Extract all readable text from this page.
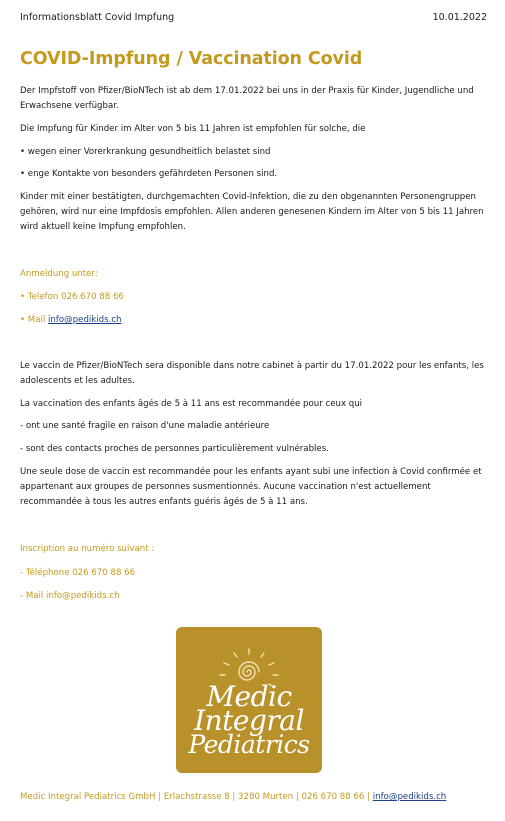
Informationsblatt Covid Impfung	10.01.2022
COVID-Impfung / Vaccination Covid

Der Impfstoff von Pfizer/BioNTech ist ab dem 17.01.2022 bei uns in der Praxis für Kinder, Jugendliche und Erwachsene verfügbar.

Die Impfung für Kinder im Alter von 5 bis 11 Jahren ist empfohlen für solche, die

• wegen einer Vorerkrankung gesundheitlich belastet sind

• enge Kontakte von besonders gefährdeten Personen sind.

Kinder mit einer bestätigten, durchgemachten Covid-Infektion, die zu den obgenannten Personengruppen gehören, wird nur eine Impfdosis empfohlen. Allen anderen genesenen Kindern im Alter von 5 bis 11 Jahren wird aktuell keine Impfung empfohlen.

Anmeldung unter:

• Telefon 026 670 88 66

• Mail info@pedikids.ch

Le vaccin de Pfizer/BioNTech sera disponible dans notre cabinet à partir du 17.01.2022 pour les enfants, les adolescents et les adultes.

La vaccination des enfants âgés de 5 à 11 ans est recommandée pour ceux qui

- ont une santé fragile en raison d'une maladie antérieure

- sont des contacts proches de personnes particulièrement vulnérables.

Une seule dose de vaccin est recommandée pour les enfants ayant subi une infection à Covid confirmée et appartenant aux groupes de personnes susmentionnés. Aucune vaccination n'est actuellement recommandée à tous les autres enfants guéris âgés de 5 à 11 ans.

Inscription au numéro suivant :

- Téléphone 026 670 88 66

- Mail info@pedikids.ch

Medic
Integral
Pediatrics
Medic Integral Pediatrics GmbH | Erlachstrasse 8 | 3280 Murten | 026 670 88 66 | info@pedikids.ch
